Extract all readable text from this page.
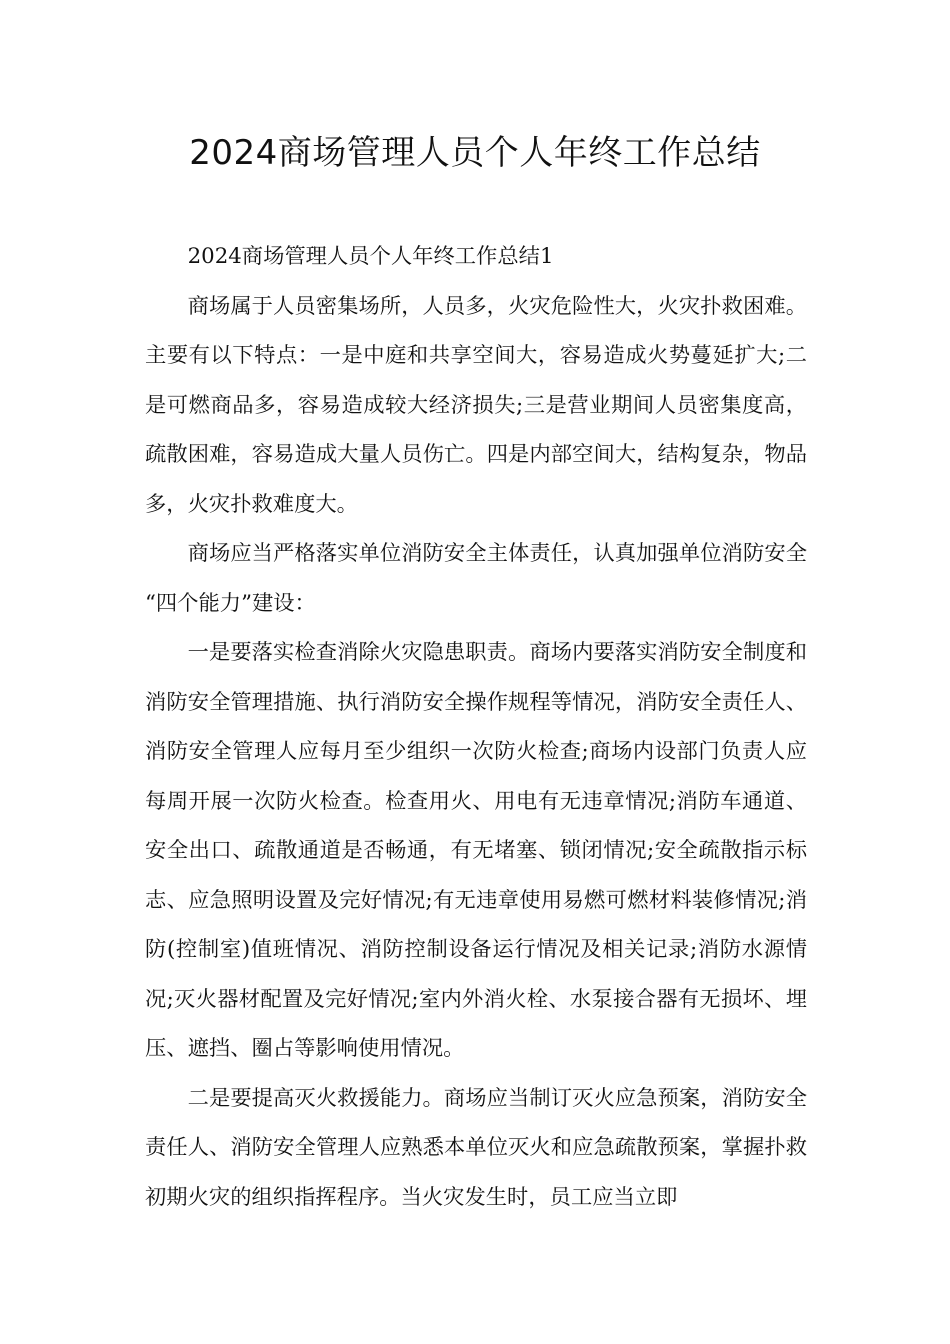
2024商场管理人员个人年终工作总结

2024商场管理人员个人年终工作总结1

商场属于人员密集场所，人员多，火灾危险性大，火灾扑救困难。主要有以下特点：一是中庭和共享空间大，容易造成火势蔓延扩大;二是可燃商品多，容易造成较大经济损失;三是营业期间人员密集度高，疏散困难，容易造成大量人员伤亡。四是内部空间大，结构复杂，物品多，火灾扑救难度大。

商场应当严格落实单位消防安全主体责任，认真加强单位消防安全“四个能力”建设：

一是要落实检查消除火灾隐患职责。商场内要落实消防安全制度和消防安全管理措施、执行消防安全操作规程等情况，消防安全责任人、消防安全管理人应每月至少组织一次防火检查;商场内设部门负责人应每周开展一次防火检查。检查用火、用电有无违章情况;消防车通道、安全出口、疏散通道是否畅通，有无堵塞、锁闭情况;安全疏散指示标志、应急照明设置及完好情况;有无违章使用易燃可燃材料装修情况;消防(控制室)值班情况、消防控制设备运行情况及相关记录;消防水源情况;灭火器材配置及完好情况;室内外消火栓、水泵接合器有无损坏、埋压、遮挡、圈占等影响使用情况。

二是要提高灭火救援能力。商场应当制订灭火应急预案，消防安全责任人、消防安全管理人应熟悉本单位灭火和应急疏散预案，掌握扑救初期火灾的组织指挥程序。当火灾发生时，员工应当立即
